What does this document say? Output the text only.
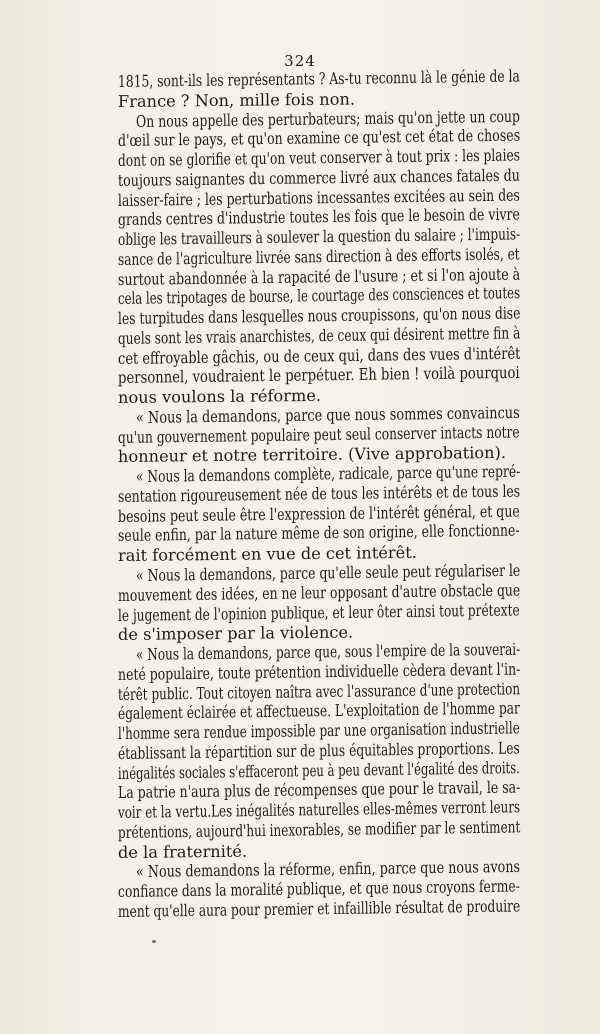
324
1815, sont-ils les représentants ? As-tu reconnu là le génie de la
France ? Non, mille fois non.
On nous appelle des perturbateurs; mais qu'on jette un coup
d'œil sur le pays, et qu'on examine ce qu'est cet état de choses
dont on se glorifie et qu'on veut conserver à tout prix : les plaies
toujours saignantes du commerce livré aux chances fatales du
laisser-faire ; les perturbations incessantes excitées au sein des
grands centres d'industrie toutes les fois que le besoin de vivre
oblige les travailleurs à soulever la question du salaire ; l'impuis-
sance de l'agriculture livrée sans direction à des efforts isolés, et
surtout abandonnée à la rapacité de l'usure ; et si l'on ajoute à
cela les tripotages de bourse, le courtage des consciences et toutes
les turpitudes dans lesquelles nous croupissons, qu'on nous dise
quels sont les vrais anarchistes, de ceux qui désirent mettre fin à
cet effroyable gâchis, ou de ceux qui, dans des vues d'intérêt
personnel, voudraient le perpétuer. Eh bien ! voilà pourquoi
nous voulons la réforme.
« Nous la demandons, parce que nous sommes convaincus
qu'un gouvernement populaire peut seul conserver intacts notre
honneur et notre territoire. (Vive approbation).
« Nous la demandons complète, radicale, parce qu'une repré-
sentation rigoureusement née de tous les intérêts et de tous les
besoins peut seule être l'expression de l'intérêt général, et que
seule enfin, par la nature même de son origine, elle fonctionne-
rait forcément en vue de cet intérêt.
« Nous la demandons, parce qu'elle seule peut régulariser le
mouvement des idées, en ne leur opposant d'autre obstacle que
le jugement de l'opinion publique, et leur ôter ainsi tout prétexte
de s'imposer par la violence.
« Nous la demandons, parce que, sous l'empire de la souverai-
neté populaire, toute prétention individuelle cèdera devant l'in-
térêt public. Tout citoyen naîtra avec l'assurance d'une protection
également éclairée et affectueuse. L'exploitation de l'homme par
l'homme sera rendue impossible par une organisation industrielle
établissant la répartition sur de plus équitables proportions. Les
inégalités sociales s'effaceront peu à peu devant l'égalité des droits.
La patrie n'aura plus de récompenses que pour le travail, le sa-
voir et la vertu.Les inégalités naturelles elles-mêmes verront leurs
prétentions, aujourd'hui inexorables, se modifier par le sentiment
de la fraternité.
« Nous demandons la réforme, enfin, parce que nous avons
confiance dans la moralité publique, et que nous croyons ferme-
ment qu'elle aura pour premier et infaillible résultat de produire
